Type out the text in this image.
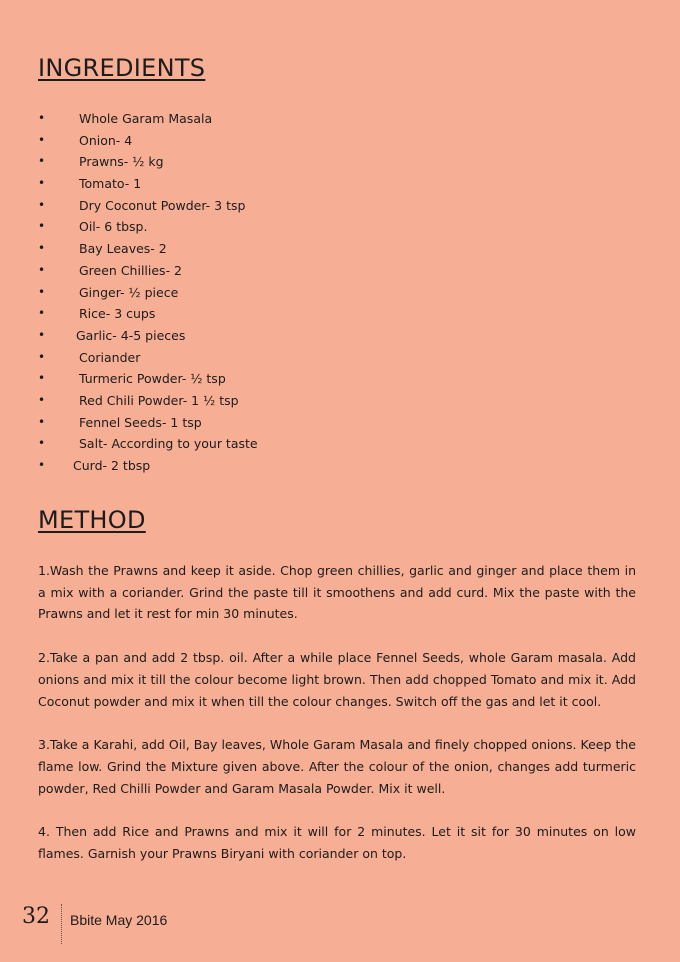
INGREDIENTS
•	Whole Garam Masala
•	Onion- 4
•	Prawns- ½ kg
•	Tomato- 1
•	Dry Coconut Powder- 3 tsp
•	Oil- 6 tbsp.
•	Bay Leaves- 2
•	Green Chillies- 2
•	Ginger- ½ piece
•	Rice- 3 cups
• Garlic- 4-5 pieces
•	Coriander
•	Turmeric Powder- ½ tsp
•	Red Chili Powder- 1 ½ tsp
•	Fennel Seeds- 1 tsp
•	Salt- According to your taste
• Curd- 2 tbsp
METHOD

1.Wash the Prawns and keep it aside. Chop green chillies, garlic and ginger and place them in a mix with a coriander. Grind the paste till it smoothens and add curd. Mix the paste with the Prawns and let it rest for min 30 minutes.

2.Take a pan and add 2 tbsp. oil. After a while place Fennel Seeds, whole Garam masala. Add onions and mix it till the colour become light brown. Then add chopped Tomato and mix it. Add Coconut powder and mix it when till the colour changes. Switch off the gas and let it cool.

3.Take a Karahi, add Oil, Bay leaves, Whole Garam Masala and finely chopped onions. Keep the flame low. Grind the Mixture given above. After the colour of the onion, changes add turmeric powder, Red Chilli Powder and Garam Masala Powder. Mix it well.

4. Then add Rice and Prawns and mix it will for 2 minutes. Let it sit for 30 minutes on low flames. Garnish your Prawns Biryani with coriander on top.

32 Bbite May 2016
